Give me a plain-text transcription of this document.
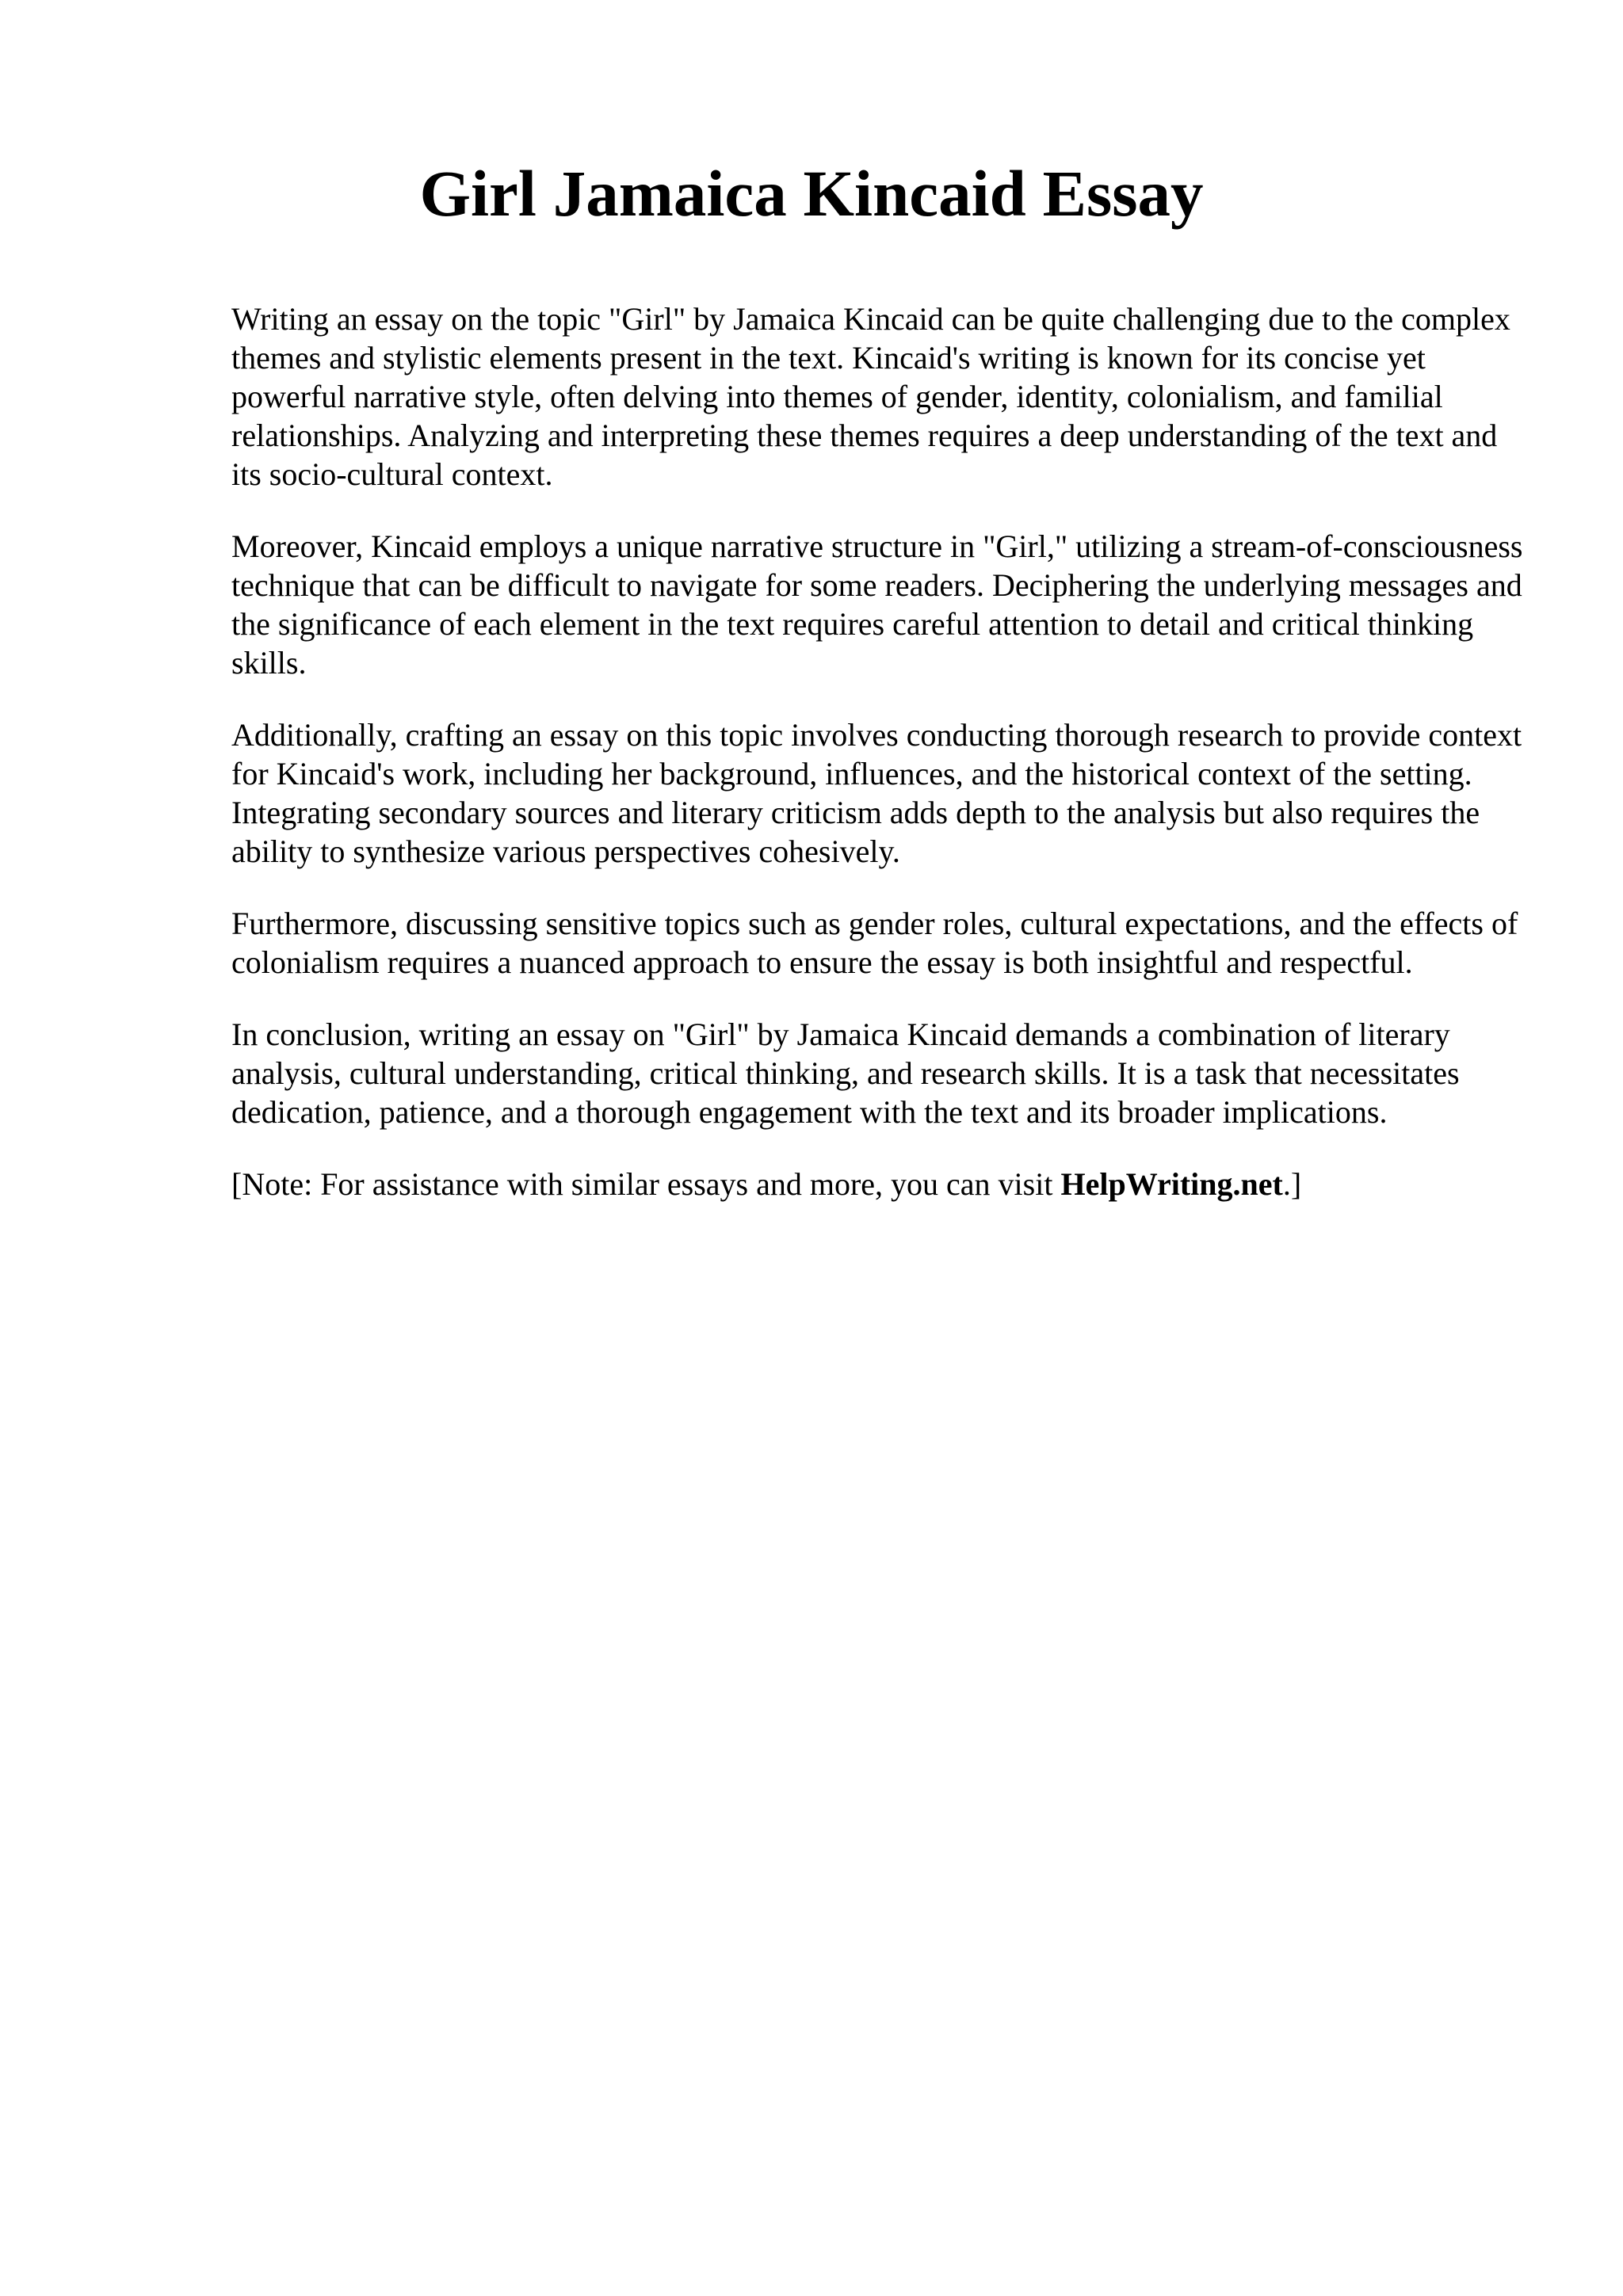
Girl Jamaica Kincaid Essay

Writing an essay on the topic "Girl" by Jamaica Kincaid can be quite challenging due to the complex themes and stylistic elements present in the text. Kincaid's writing is known for its concise yet powerful narrative style, often delving into themes of gender, identity, colonialism, and familial relationships. Analyzing and interpreting these themes requires a deep understanding of the text and its socio-cultural context.

Moreover, Kincaid employs a unique narrative structure in "Girl," utilizing a stream-of-consciousness technique that can be difficult to navigate for some readers. Deciphering the underlying messages and the significance of each element in the text requires careful attention to detail and critical thinking skills.

Additionally, crafting an essay on this topic involves conducting thorough research to provide context for Kincaid's work, including her background, influences, and the historical context of the setting. Integrating secondary sources and literary criticism adds depth to the analysis but also requires the ability to synthesize various perspectives cohesively.

Furthermore, discussing sensitive topics such as gender roles, cultural expectations, and the effects of colonialism requires a nuanced approach to ensure the essay is both insightful and respectful.

In conclusion, writing an essay on "Girl" by Jamaica Kincaid demands a combination of literary analysis, cultural understanding, critical thinking, and research skills. It is a task that necessitates dedication, patience, and a thorough engagement with the text and its broader implications.

[Note: For assistance with similar essays and more, you can visit HelpWriting.net.]
